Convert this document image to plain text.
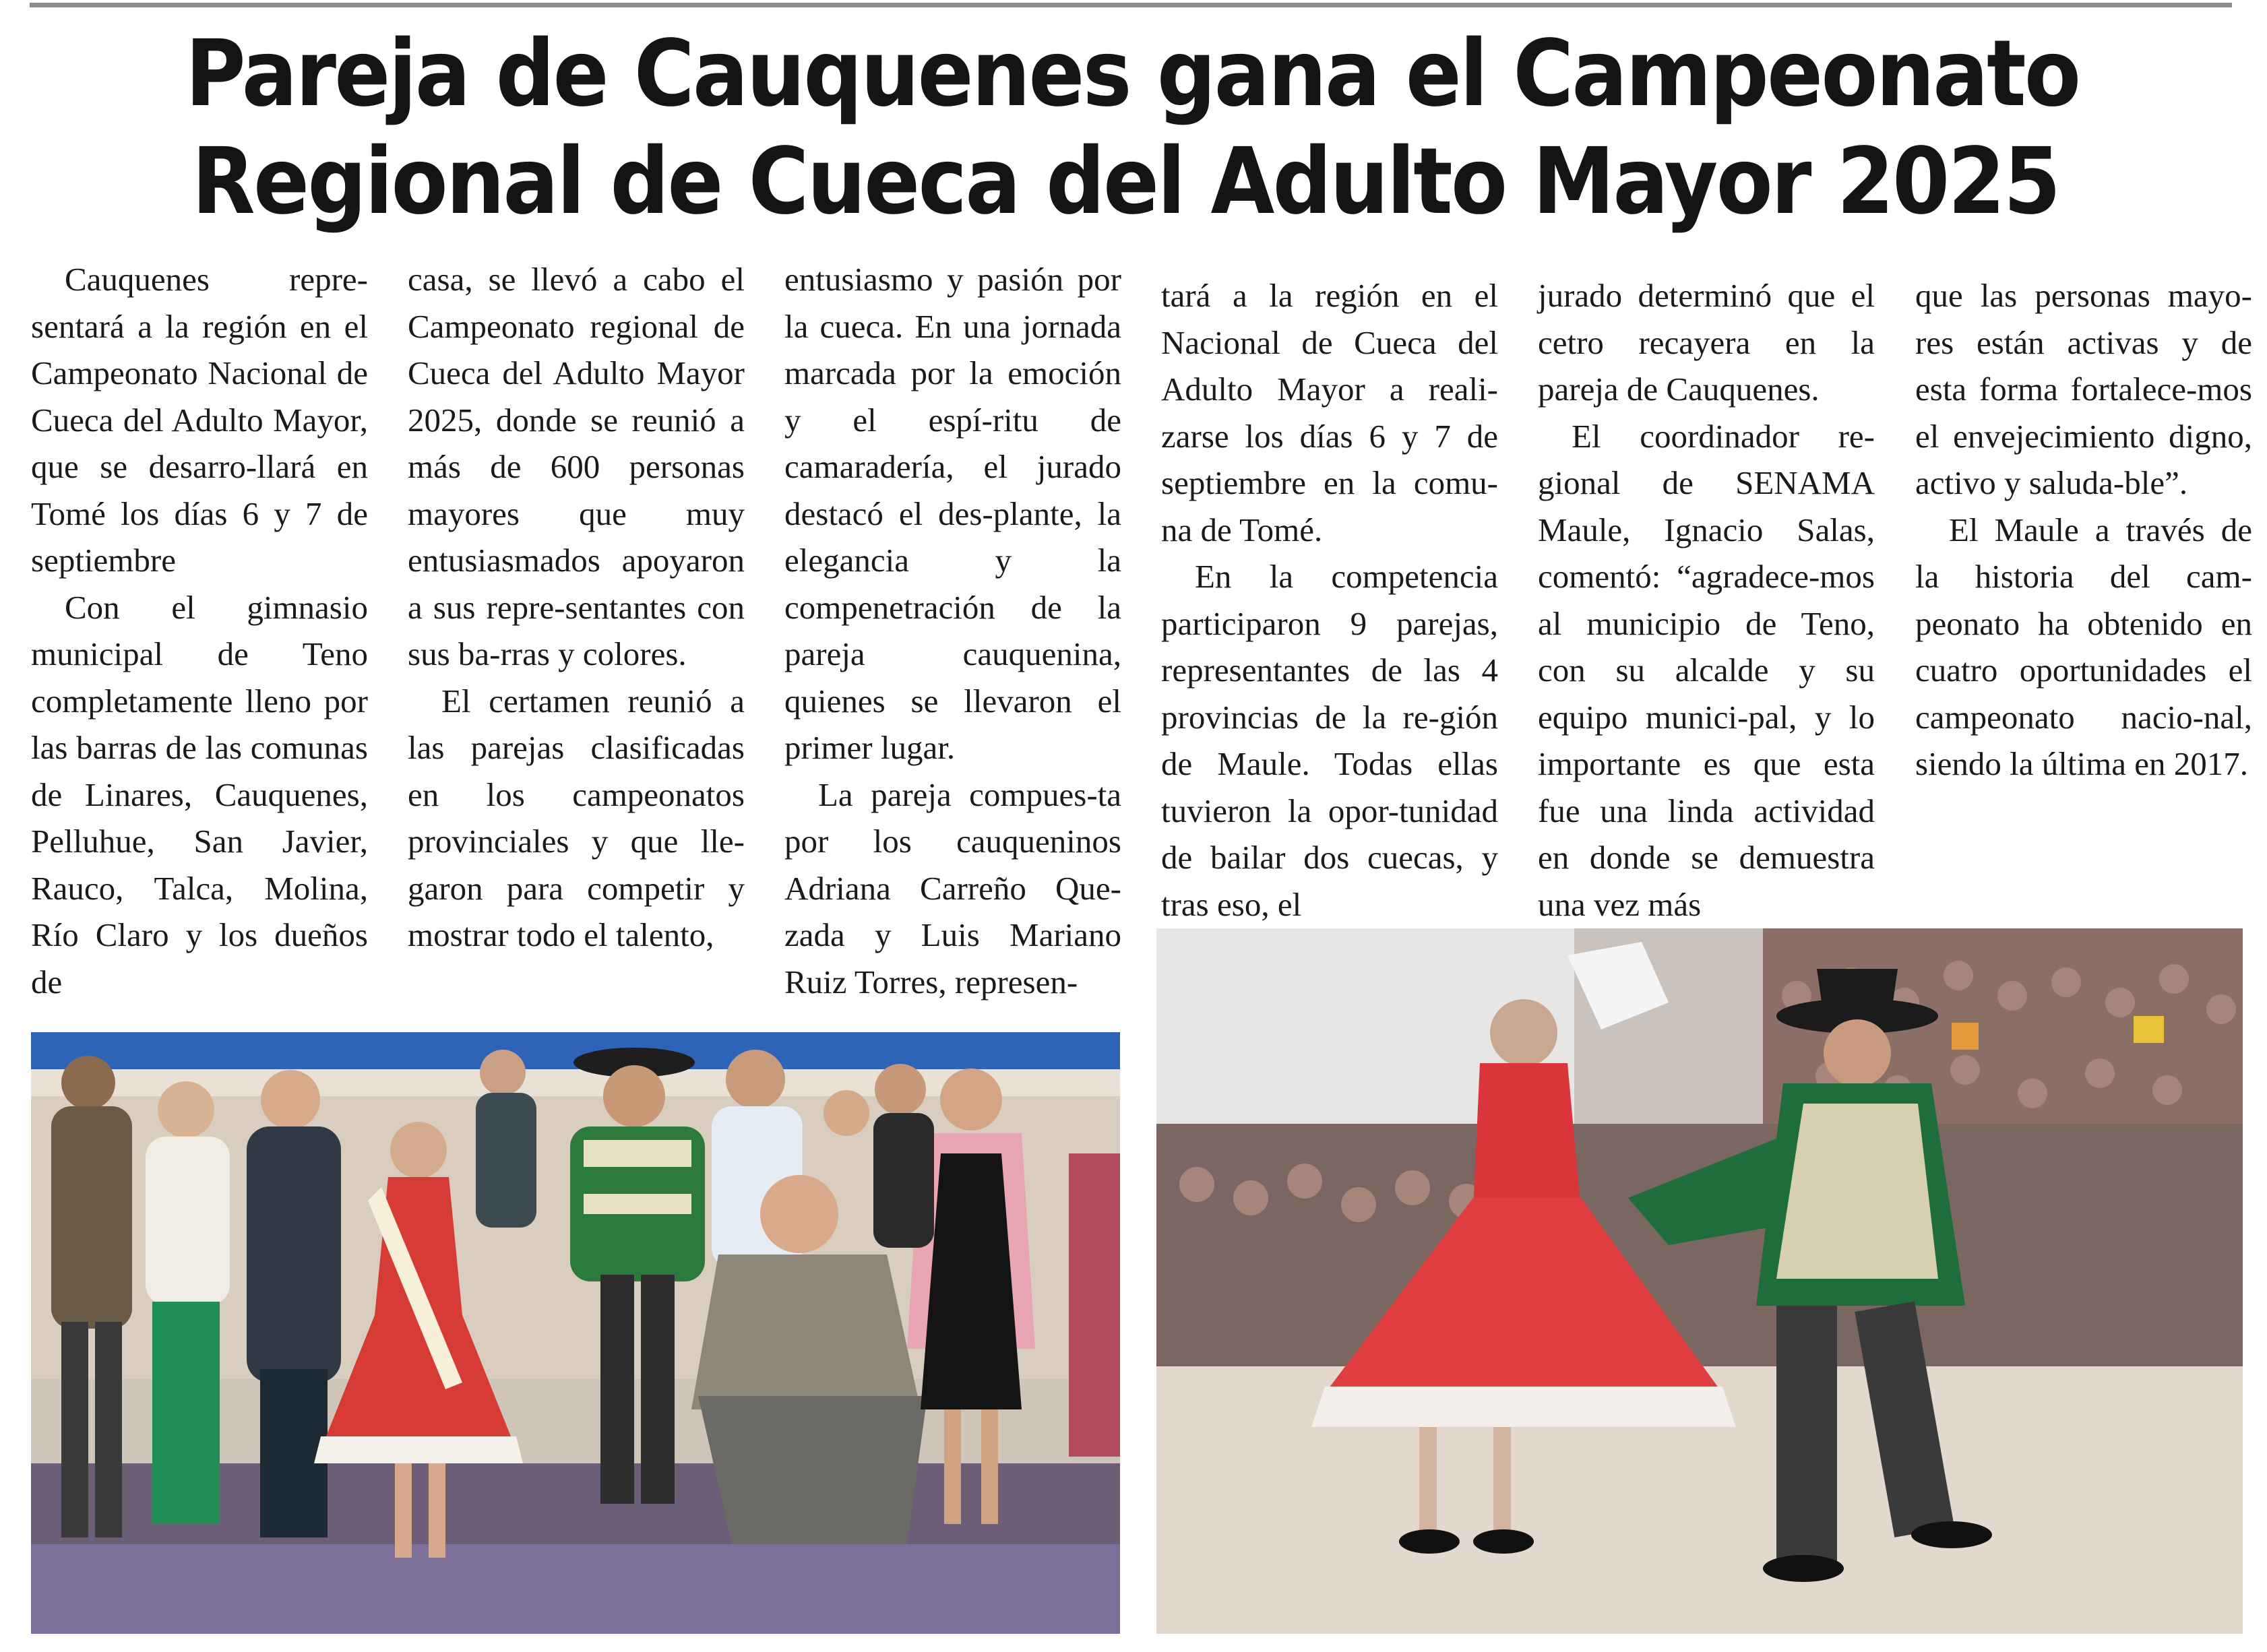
Pareja de Cauquenes gana el Campeonato
Regional de Cueca del Adulto Mayor 2025

Cauquenes repre-sentará a la región en el Campeonato Nacional de Cueca del Adulto Mayor, que se desarro-llará en Tomé los días 6 y 7 de septiembre

Con el gimnasio municipal de Teno completamente lleno por las barras de las comunas de Linares, Cauquenes, Pelluhue, San Javier, Rauco, Talca, Molina, Río Claro y los dueños de

casa, se llevó a cabo el Campeonato regional de Cueca del Adulto Mayor 2025, donde se reunió a más de 600 personas mayores que muy entusiasmados apoyaron a sus repre-sentantes con sus ba-rras y colores.

El certamen reunió a las parejas clasificadas en los campeonatos provinciales y que lle-garon para competir y mostrar todo el talento,

entusiasmo y pasión por la cueca. En una jornada marcada por la emoción y el espí-ritu de camaradería, el jurado destacó el des-plante, la elegancia y la compenetración de la pareja cauquenina, quienes se llevaron el primer lugar.

La pareja compues-ta por los cauqueninos Adriana Carreño Que-zada y Luis Mariano Ruiz Torres, represen-

tará a la región en el Nacional de Cueca del Adulto Mayor a reali-zarse los días 6 y 7 de septiembre en la comu-na de Tomé.

En la competencia participaron 9 parejas, representantes de las 4 provincias de la re-gión de Maule. Todas ellas tuvieron la opor-tunidad de bailar dos cuecas, y tras eso, el

jurado determinó que el cetro recayera en la pareja de Cauquenes.

El coordinador re-gional de SENAMA Maule, Ignacio Salas, comentó: “agradece-mos al municipio de Teno, con su alcalde y su equipo munici-pal, y lo importante es que esta fue una linda actividad en donde se demuestra una vez más

que las personas mayo-res están activas y de esta forma fortalece-mos el envejecimiento digno, activo y saluda-ble”.

El Maule a través de la historia del cam-peonato ha obtenido en cuatro oportunidades el campeonato nacio-nal, siendo la última en 2017.
